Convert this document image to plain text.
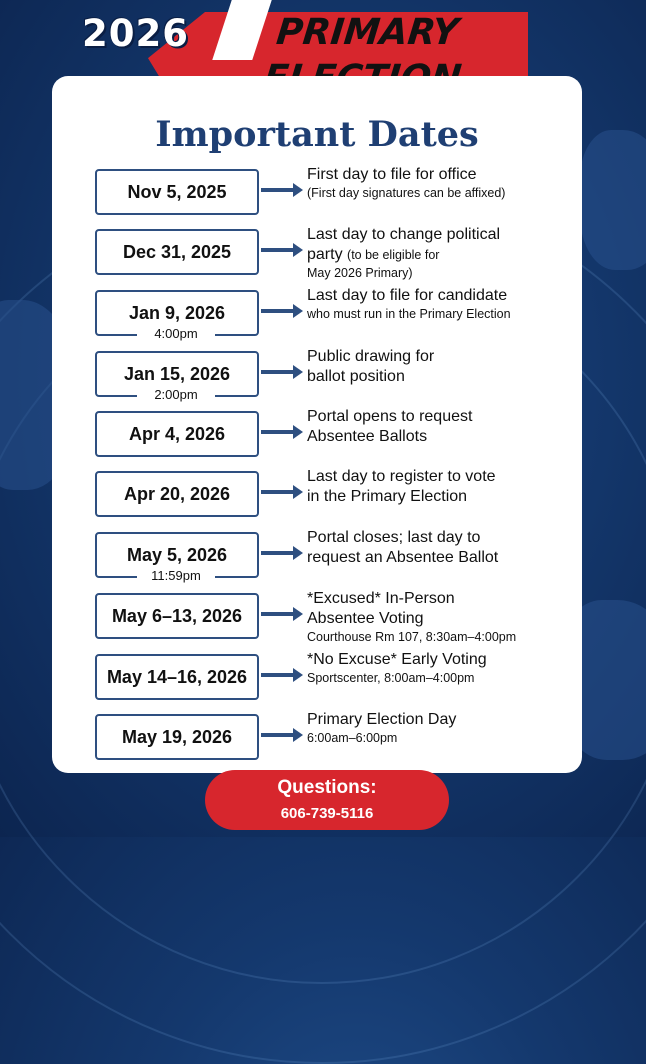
2026	PRIMARY
Important Dates
Nov 5, 2025
First day to file for office
(First day signatures can be affixed)
Dec 31, 2025
Last day to change political
party (to be eligible for
May 2026 Primary)
Jan 9, 2026
4:00pm
Last day to file for candidate
who must run in the Primary Election
Jan 15, 2026
2:00pm
Public drawing for
ballot position
Apr 4, 2026
Portal opens to request
Absentee Ballots
Apr 20, 2026
Last day to register to vote
in the Primary Election
May 5, 2026
11:59pm
Portal closes; last day to
request an Absentee Ballot
May 6–13, 2026
*Excused* In-Person
Absentee Voting
Courthouse Rm 107, 8:30am–4:00pm
May 14–16, 2026
*No Excuse* Early Voting
Sportscenter, 8:00am–4:00pm
May 19, 2026
Primary Election Day
6:00am–6:00pm
Questions:
606-739-5116
